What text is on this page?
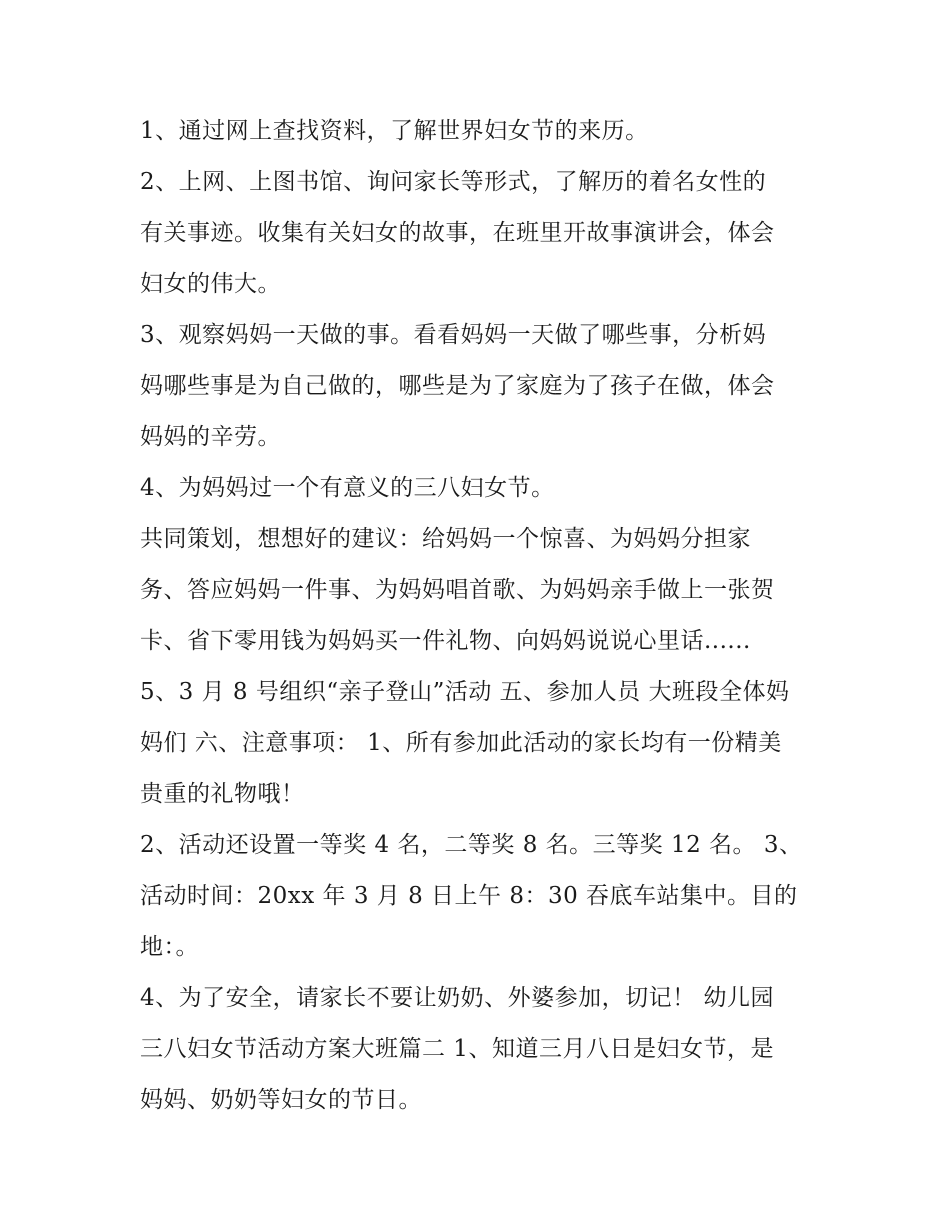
1、通过网上查找资料，了解世界妇女节的来历。
2、上网、上图书馆、询问家长等形式，了解历的着名女性的
有关事迹。收集有关妇女的故事，在班里开故事演讲会，体会
妇女的伟大。
3、观察妈妈一天做的事。看看妈妈一天做了哪些事，分析妈
妈哪些事是为自己做的，哪些是为了家庭为了孩子在做，体会
妈妈的辛劳。
4、为妈妈过一个有意义的三八妇女节。
共同策划，想想好的建议：给妈妈一个惊喜、为妈妈分担家
务、答应妈妈一件事、为妈妈唱首歌、为妈妈亲手做上一张贺
卡、省下零用钱为妈妈买一件礼物、向妈妈说说心里话......
5、3 月 8 号组织“亲子登山”活动 五、参加人员 大班段全体妈
妈们 六、注意事项： 1、所有参加此活动的家长均有一份精美
贵重的礼物哦！
2、活动还设置一等奖 4 名，二等奖 8 名。三等奖 12 名。 3、
活动时间：20xx 年 3 月 8 日上午 8：30 吞底车站集中。目的
地：。
4、为了安全，请家长不要让奶奶、外婆参加，切记！ 幼儿园
三八妇女节活动方案大班篇二 1、知道三月八日是妇女节，是
妈妈、奶奶等妇女的节日。
